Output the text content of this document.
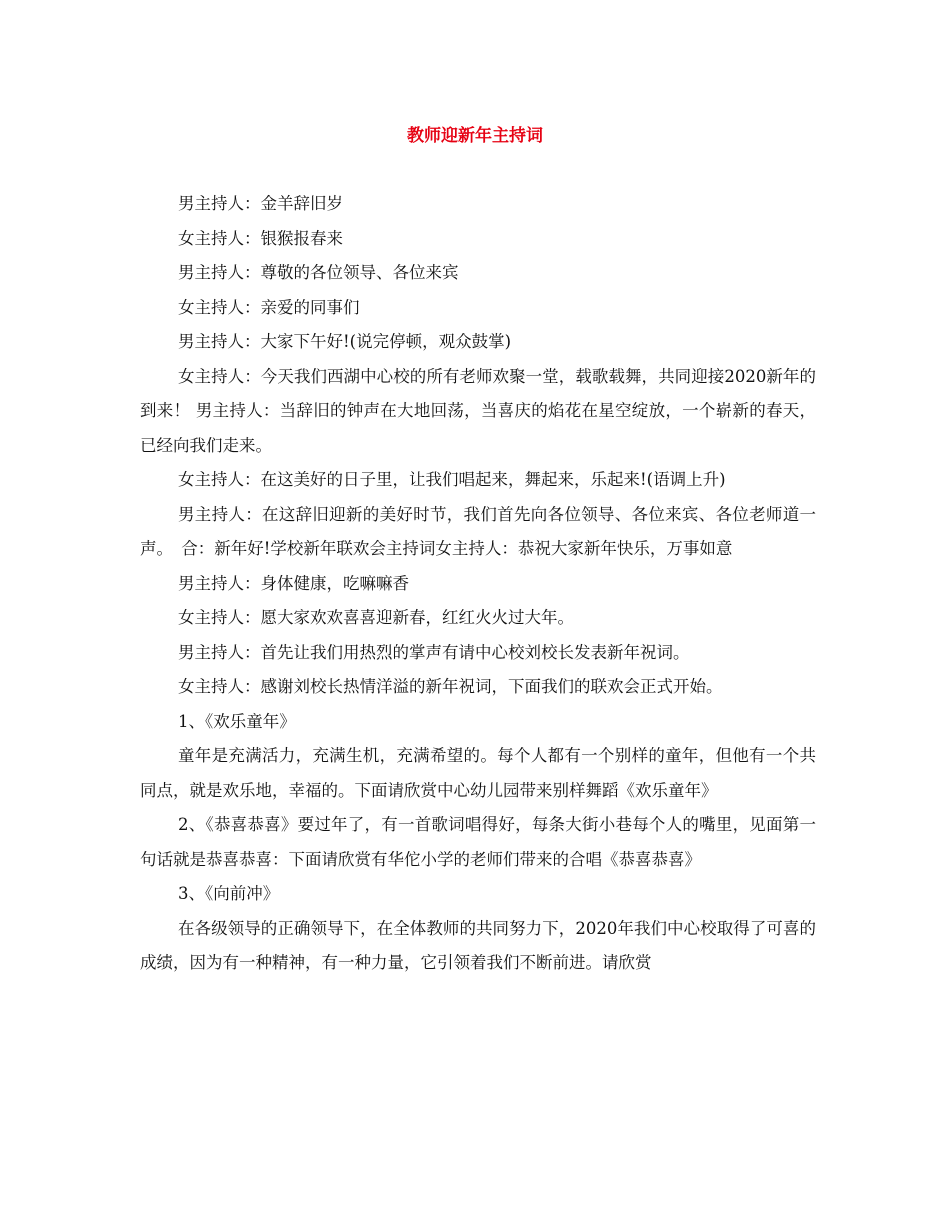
教师迎新年主持词

男主持人：金羊辞旧岁

女主持人：银猴报春来

男主持人：尊敬的各位领导、各位来宾

女主持人：亲爱的同事们

男主持人：大家下午好!(说完停顿，观众鼓掌)

女主持人：今天我们西湖中心校的所有老师欢聚一堂，载歌载舞，共同迎接2020新年的到来！ 男主持人：当辞旧的钟声在大地回荡，当喜庆的焰花在星空绽放，一个崭新的春天，已经向我们走来。

女主持人：在这美好的日子里，让我们唱起来，舞起来，乐起来!(语调上升)

男主持人：在这辞旧迎新的美好时节，我们首先向各位领导、各位来宾、各位老师道一声。　合：新年好!学校新年联欢会主持词女主持人：恭祝大家新年快乐，万事如意

男主持人：身体健康，吃嘛嘛香

女主持人：愿大家欢欢喜喜迎新春，红红火火过大年。

男主持人：首先让我们用热烈的掌声有请中心校刘校长发表新年祝词。

女主持人：感谢刘校长热情洋溢的新年祝词，下面我们的联欢会正式开始。

1、《欢乐童年》

童年是充满活力，充满生机，充满希望的。每个人都有一个别样的童年，但他有一个共同点，就是欢乐地，幸福的。下面请欣赏中心幼儿园带来别样舞蹈《欢乐童年》

2、《恭喜恭喜》要过年了，有一首歌词唱得好，每条大街小巷每个人的嘴里，见面第一句话就是恭喜恭喜：下面请欣赏有华佗小学的老师们带来的合唱《恭喜恭喜》

3、《向前冲》

在各级领导的正确领导下，在全体教师的共同努力下，2020年我们中心校取得了可喜的成绩，因为有一种精神，有一种力量，它引领着我们不断前进。请欣赏
